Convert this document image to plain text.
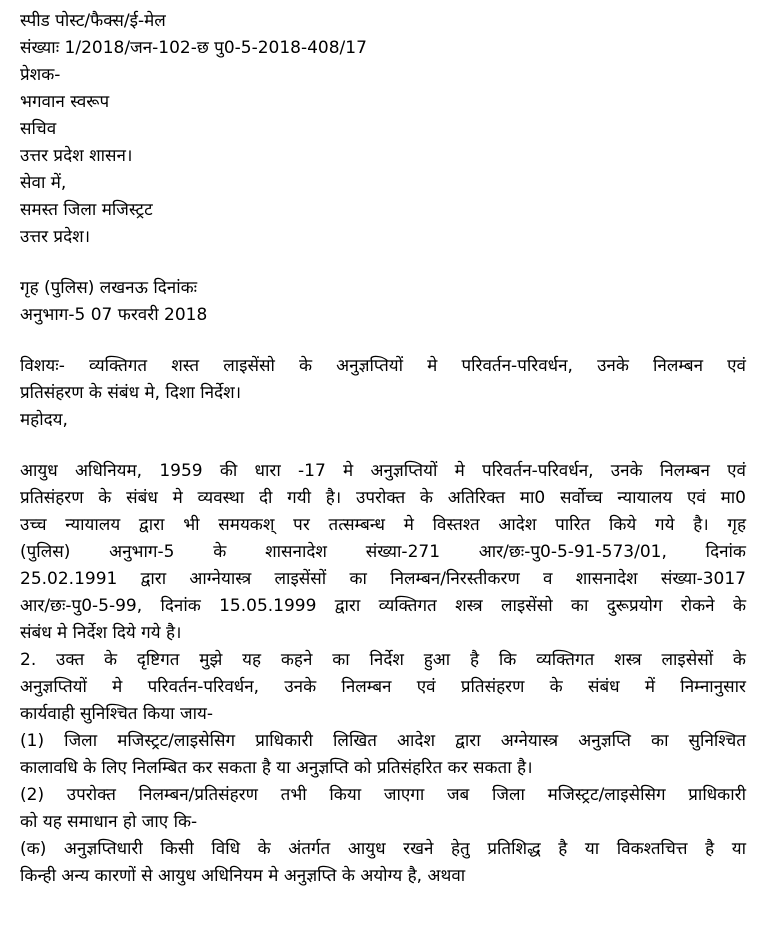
स्पीड पोस्ट/फैक्स/ई-मेल
संख्याः 1/2018/जन-102-छ पु0-5-2018-408/17
प्रेशक-
भगवान स्वरूप
सचिव
उत्तर प्रदेश शासन।
सेवा में,
समस्त जिला मजिस्ट्रट
उत्तर प्रदेश।
गृह (पुलिस) लखनऊ दिनांकः
अनुभाग-5 07 फरवरी 2018
विशयः- व्यक्तिगत शस्त लाइसेंसो के अनुज्ञप्तियों मे परिवर्तन-परिवर्धन, उनके निलम्बन एवं
प्रतिसंहरण के संबंध मे, दिशा निर्देश।
महोदय,
आयुध अधिनियम, 1959 की धारा -17 मे अनुज्ञप्तियों मे परिवर्तन-परिवर्धन, उनके निलम्बन एवं
प्रतिसंहरण के संबंध मे व्यवस्था दी गयी है। उपरोक्त के अतिरिक्त मा0 सर्वोच्च न्यायालय एवं मा0
उच्च न्यायालय द्वारा भी समयकश् पर तत्सम्बन्ध मे विस्तश्त आदेश पारित किये गये है। गृह
(पुलिस) अनुभाग-5 के शासनादेश संख्या-271 आर/छः-पु0-5-91-573/01, दिनांक
25.02.1991 द्वारा आग्नेयास्त्र लाइसेंसों का निलम्बन/निरस्तीकरण व शासनादेश संख्या-3017
आर/छः-पु0-5-99, दिनांक 15.05.1999 द्वारा व्यक्तिगत शस्त्र लाइसेंसो का दुरूप्रयोग रोकने के
संबंध मे निर्देश दिये गये है।
2. उक्त के दृष्टिगत मुझे यह कहने का निर्देश हुआ है कि व्यक्तिगत शस्त्र लाइसेसों के
अनुज्ञप्तियों मे परिवर्तन-परिवर्धन, उनके निलम्बन एवं प्रतिसंहरण के संबंध में निम्नानुसार
कार्यवाही सुनिश्चित किया जाय-
(1) जिला मजिस्ट्रट/लाइसेसिग प्राधिकारी लिखित आदेश द्वारा अग्नेयास्त्र अनुज्ञप्ति का सुनिश्चित
कालावधि के लिए निलम्बित कर सकता है या अनुज्ञप्ति को प्रतिसंहरित कर सकता है।
(2) उपरोक्त निलम्बन/प्रतिसंहरण तभी किया जाएगा जब जिला मजिस्ट्रट/लाइसेसिग प्राधिकारी
को यह समाधान हो जाए कि-
(क) अनुज्ञप्तिधारी किसी विधि के अंतर्गत आयुध रखने हेतु प्रतिशिद्ध है या विकश्तचित्त है या
किन्ही अन्य कारणों से आयुध अधिनियम मे अनुज्ञप्ति के अयोग्य है, अथवा
